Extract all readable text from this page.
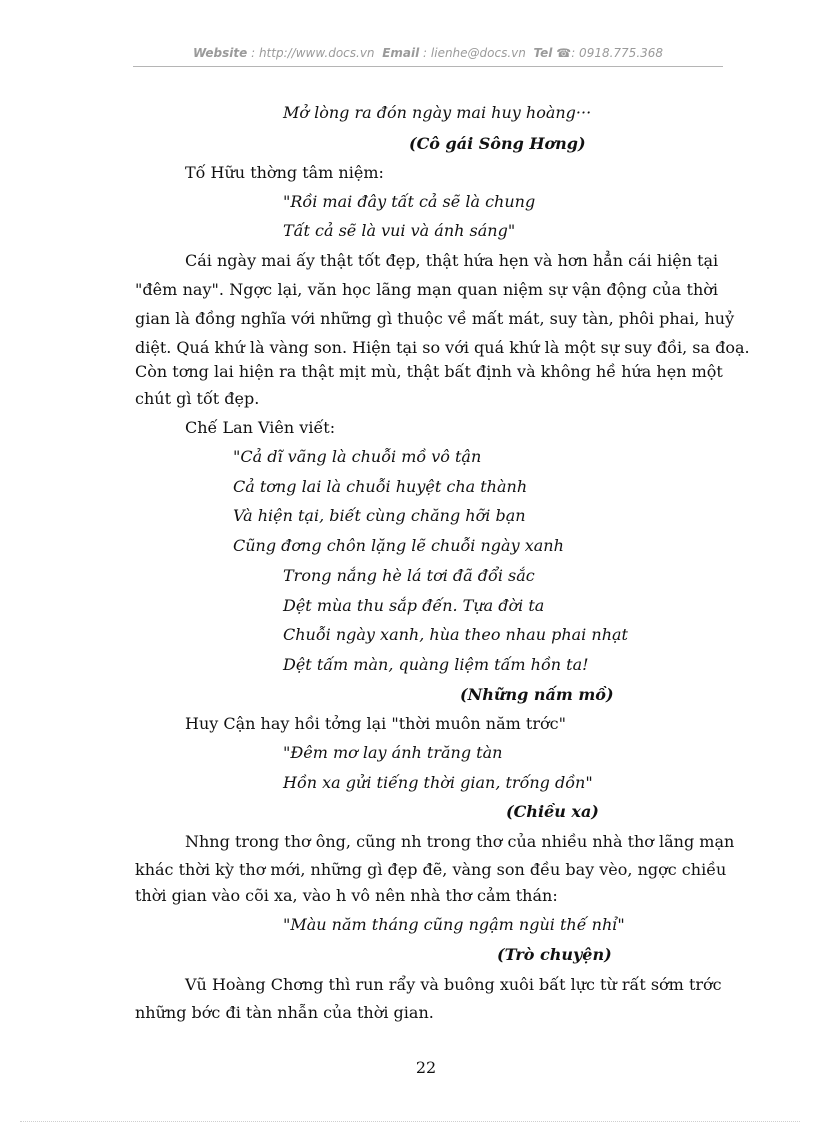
Website : http://www.docs.vn Email : lienhe@docs.vn Tel ☎: 0918.775.368
Mở lòng ra đón ngày mai huy hoàng···
(Cô gái Sông Hơng)
Tố Hữu thờng tâm niệm:
"Rồi mai đây tất cả sẽ là chung
Tất cả sẽ là vui và ánh sáng"
Cái ngày mai ấy thật tốt đẹp, thật hứa hẹn và hơn hẳn cái hiện tại
"đêm nay". Ngợc lại, văn học lãng mạn quan niệm sự vận động của thời
gian là đồng nghĩa với những gì thuộc về mất mát, suy tàn, phôi phai, huỷ
diệt. Quá khứ là vàng son. Hiện tại so với quá khứ là một sự suy đồi, sa đoạ.
Còn tơng lai hiện ra thật mịt mù, thật bất định và không hề hứa hẹn một
chút gì tốt đẹp.
Chế Lan Viên viết:
"Cả dĩ vãng là chuỗi mồ vô tận
Cả tơng lai là chuỗi huyệt cha thành
Và hiện tại, biết cùng chăng hỡi bạn
Cũng đơng chôn lặng lẽ chuỗi ngày xanh
Trong nắng hè lá tơi đã đổi sắc
Dệt mùa thu sắp đến. Tựa đời ta
Chuỗi ngày xanh, hùa theo nhau phai nhạt
Dệt tấm màn, quàng liệm tấm hồn ta!
(Những nấm mồ)
Huy Cận hay hồi tởng lại "thời muôn năm trớc"
"Đêm mơ lay ánh trăng tàn
Hồn xa gửi tiếng thời gian, trống dồn"
(Chiều xa)
Nhng trong thơ ông, cũng nh trong thơ của nhiều nhà thơ lãng mạn
khác thời kỳ thơ mới, những gì đẹp đẽ, vàng son đều bay vèo, ngợc chiều
thời gian vào cõi xa, vào h vô nên nhà thơ cảm thán:
"Màu năm tháng cũng ngậm ngùi thế nhỉ"
(Trò chuyện)
Vũ Hoàng Chơng thì run rẩy và buông xuôi bất lực từ rất sớm trớc
những bớc đi tàn nhẫn của thời gian.
22
